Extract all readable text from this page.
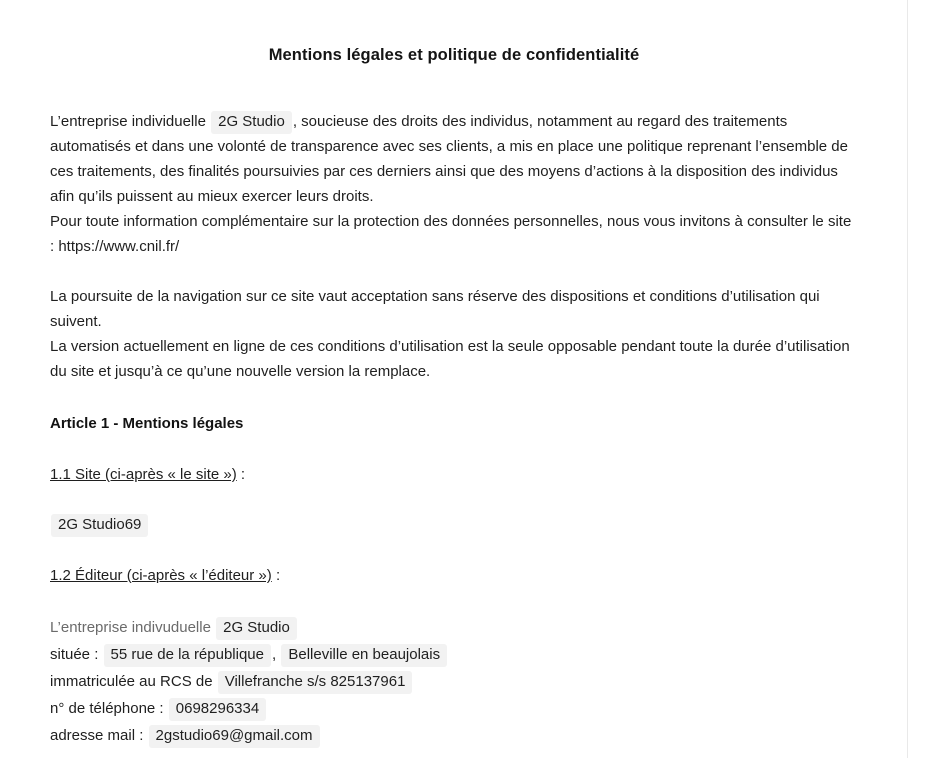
Mentions légales et politique de confidentialité

L’entreprise individuelle 2G Studio , soucieuse des droits des individus, notamment au regard des traitements automatisés et dans une volonté de transparence avec ses clients, a mis en place une politique reprenant l’ensemble de ces traitements, des finalités poursuivies par ces derniers ainsi que des moyens d’actions à la disposition des individus afin qu’ils puissent au mieux exercer leurs droits.
Pour toute information complémentaire sur la protection des données personnelles, nous vous invitons à consulter le site : https://www.cnil.fr/

La poursuite de la navigation sur ce site vaut acceptation sans réserve des dispositions et conditions d’utilisation qui suivent.
La version actuellement en ligne de ces conditions d’utilisation est la seule opposable pendant toute la durée d’utilisation du site et jusqu’à ce qu’une nouvelle version la remplace.

Article 1 - Mentions légales

1.1 Site (ci-après « le site ») :

2G Studio69

1.2 Éditeur (ci-après « l’éditeur ») :

L’entreprise indivuduelle 2G Studio

située : 55 rue de la république , Belleville en beaujolais

immatriculée au RCS de Villefranche s/s 825137961

n° de téléphone : 0698296334

adresse mail : 2gstudio69@gmail.com
